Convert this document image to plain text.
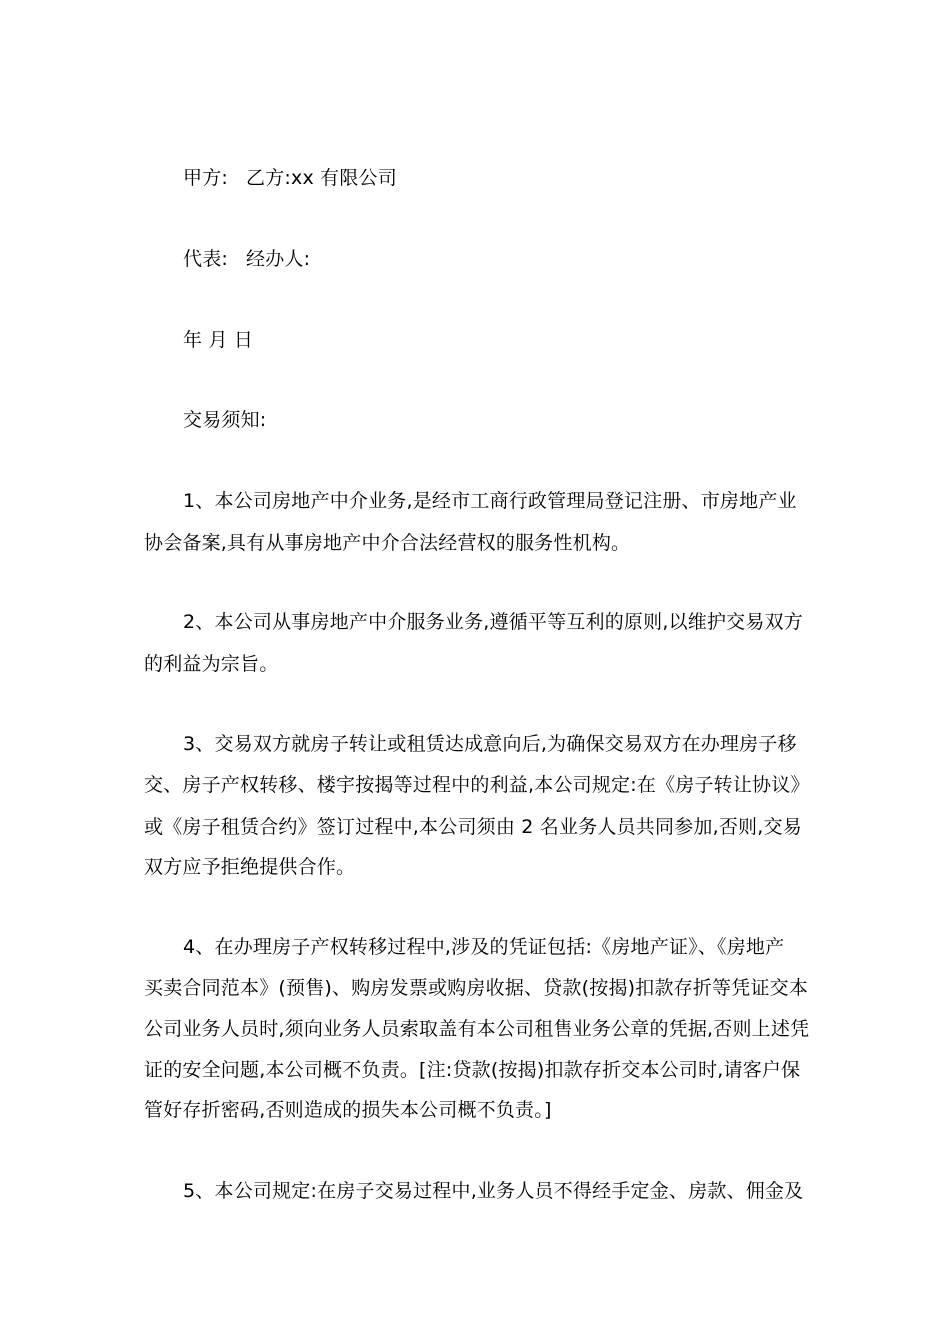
甲方: 乙方:xx 有限公司
代表: 经办人:
年 月 日
交易须知:
1、本公司房地产中介业务,是经市工商行政管理局登记注册、市房地产业
协会备案,具有从事房地产中介合法经营权的服务性机构。
2、本公司从事房地产中介服务业务,遵循平等互利的原则,以维护交易双方
的利益为宗旨。
3、交易双方就房子转让或租赁达成意向后,为确保交易双方在办理房子移
交、房子产权转移、楼宇按揭等过程中的利益,本公司规定:在《房子转让协议》
或《房子租赁合约》签订过程中,本公司须由 2 名业务人员共同参加,否则,交易
双方应予拒绝提供合作。
4、在办理房子产权转移过程中,涉及的凭证包括:《房地产证》、《房地产
买卖合同范本》(预售)、购房发票或购房收据、贷款(按揭)扣款存折等凭证交本
公司业务人员时,须向业务人员索取盖有本公司租售业务公章的凭据,否则上述凭
证的安全问题,本公司概不负责。[注:贷款(按揭)扣款存折交本公司时,请客户保
管好存折密码,否则造成的损失本公司概不负责。]
5、本公司规定:在房子交易过程中,业务人员不得经手定金、房款、佣金及
